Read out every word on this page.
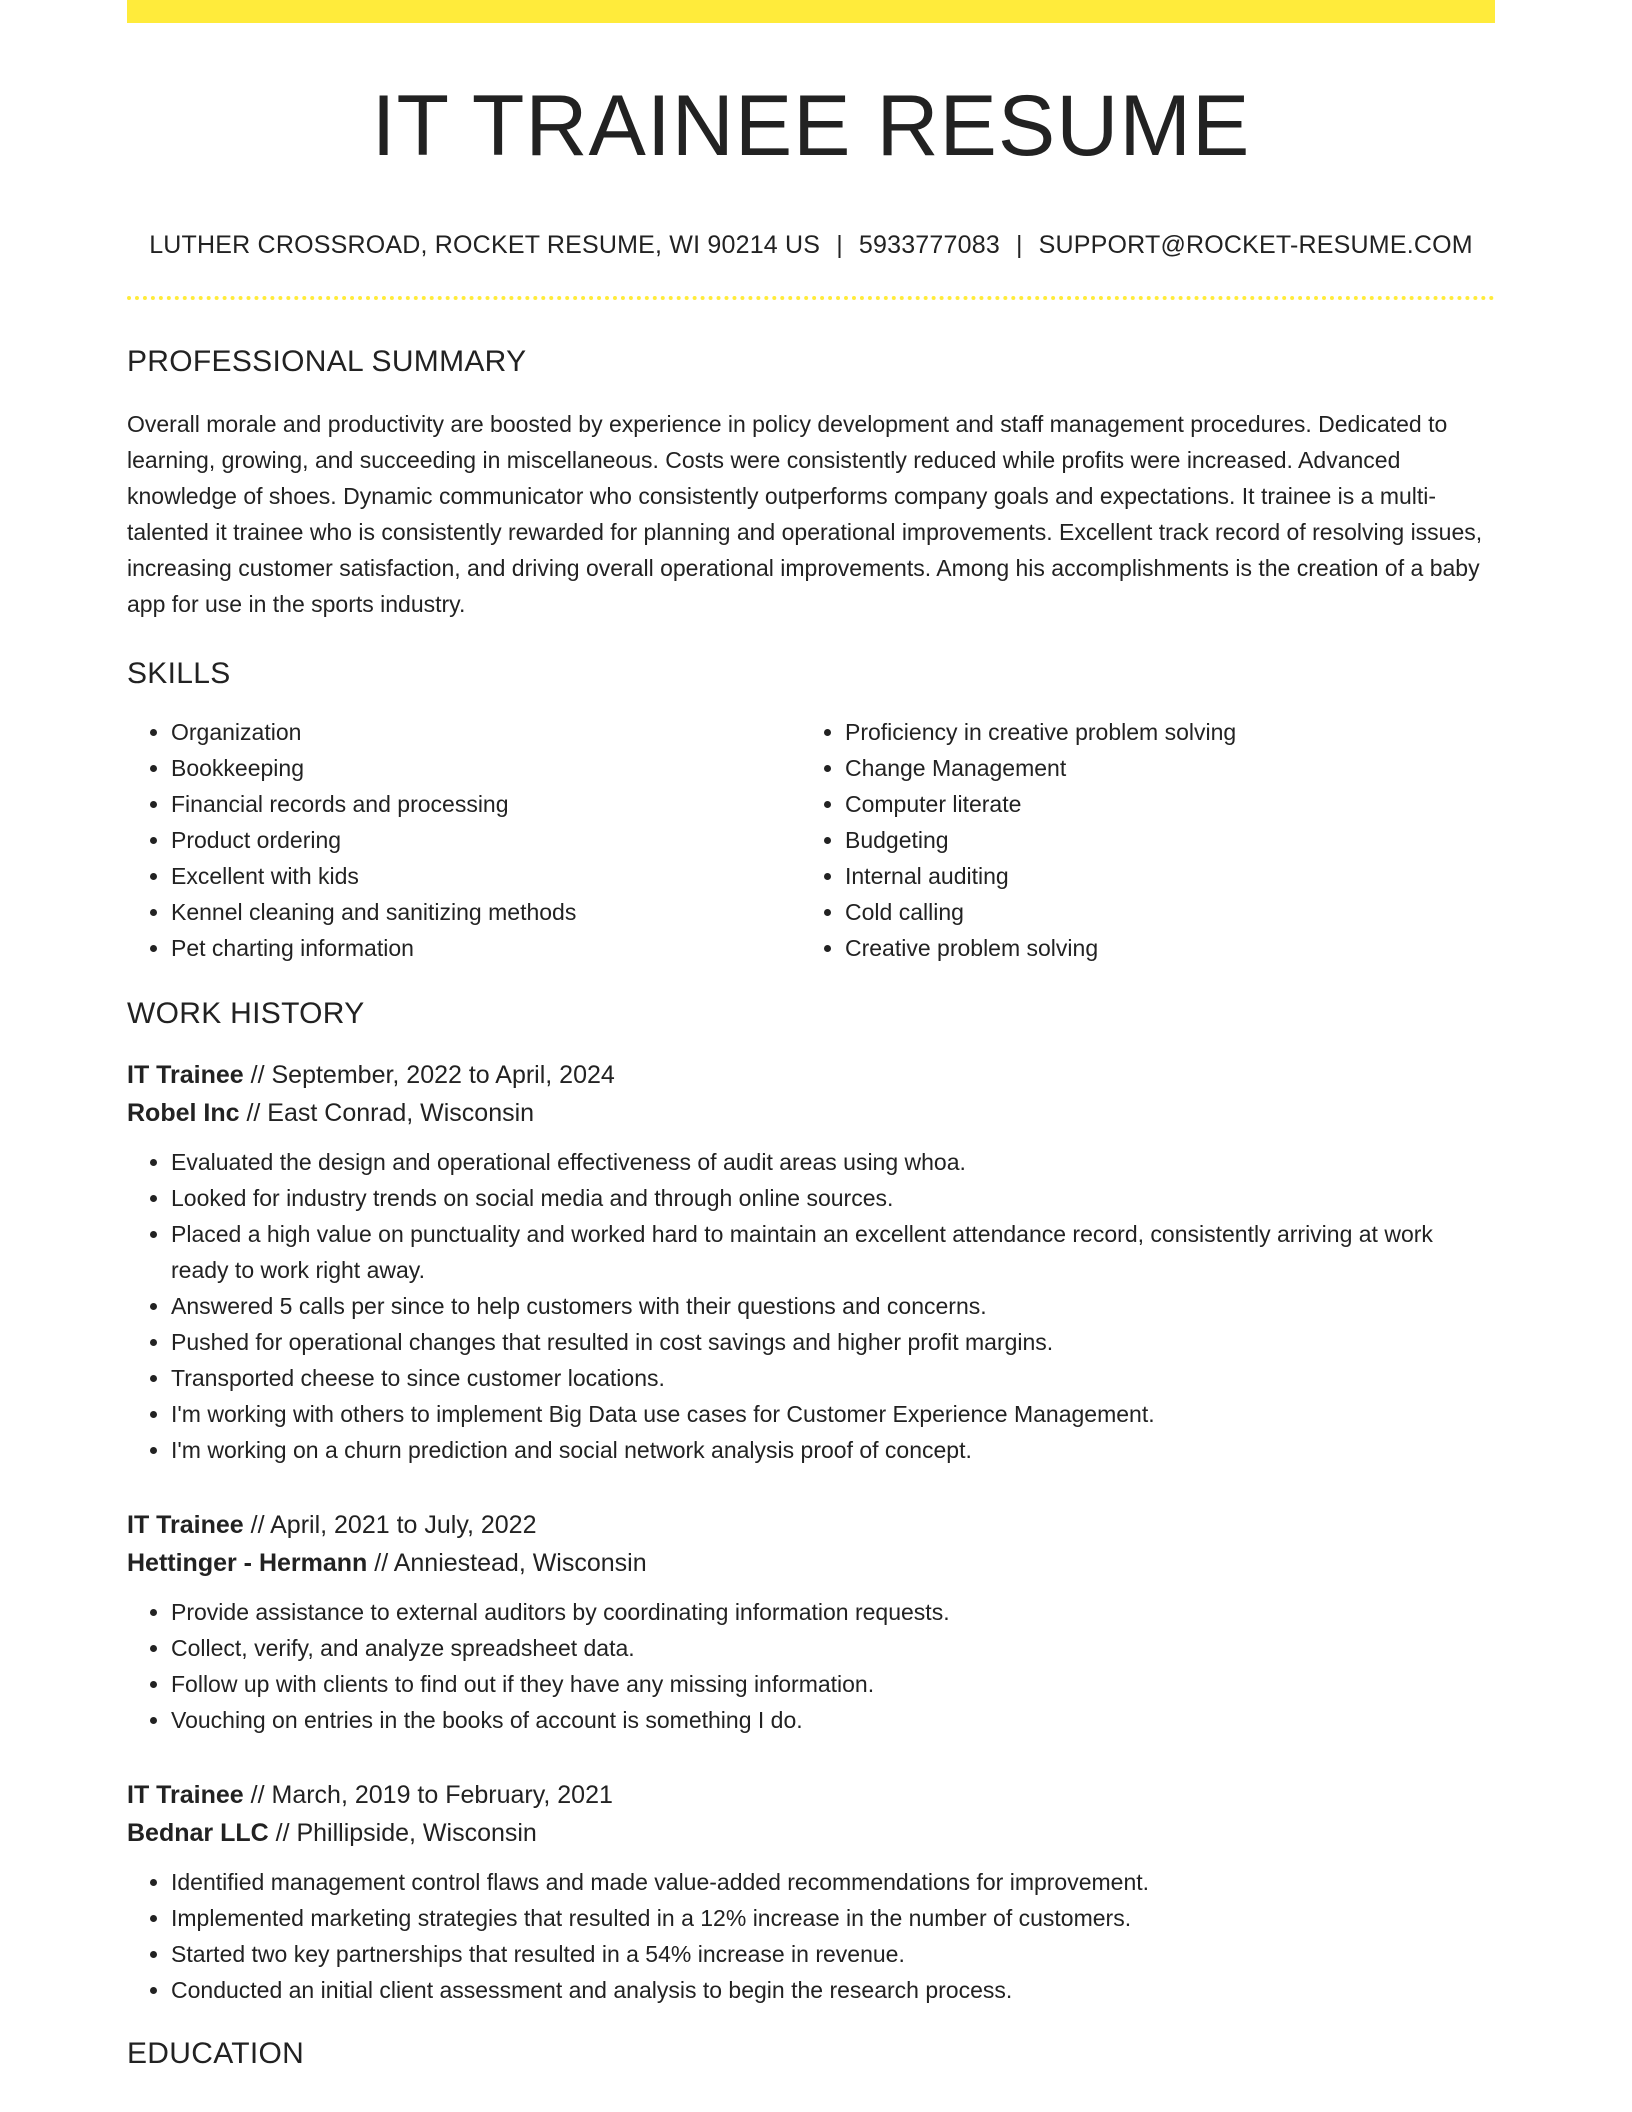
IT TRAINEE RESUME
LUTHER CROSSROAD, ROCKET RESUME, WI 90214 US | 5933777083 | SUPPORT@ROCKET-RESUME.COM
PROFESSIONAL SUMMARY
Overall morale and productivity are boosted by experience in policy development and staff management procedures. Dedicated to learning, growing, and succeeding in miscellaneous. Costs were consistently reduced while profits were increased. Advanced knowledge of shoes. Dynamic communicator who consistently outperforms company goals and expectations. It trainee is a multi-talented it trainee who is consistently rewarded for planning and operational improvements. Excellent track record of resolving issues, increasing customer satisfaction, and driving overall operational improvements. Among his accomplishments is the creation of a baby app for use in the sports industry.
SKILLS
• Organization
• Bookkeeping
• Financial records and processing
• Product ordering
• Excellent with kids
• Kennel cleaning and sanitizing methods
• Pet charting information
• Proficiency in creative problem solving
• Change Management
• Computer literate
• Budgeting
• Internal auditing
• Cold calling
• Creative problem solving
WORK HISTORY
IT Trainee // September, 2022 to April, 2024
Robel Inc // East Conrad, Wisconsin
• Evaluated the design and operational effectiveness of audit areas using whoa.
• Looked for industry trends on social media and through online sources.
• Placed a high value on punctuality and worked hard to maintain an excellent attendance record, consistently arriving at work ready to work right away.
• Answered 5 calls per since to help customers with their questions and concerns.
• Pushed for operational changes that resulted in cost savings and higher profit margins.
• Transported cheese to since customer locations.
• I'm working with others to implement Big Data use cases for Customer Experience Management.
• I'm working on a churn prediction and social network analysis proof of concept.
IT Trainee // April, 2021 to July, 2022
Hettinger - Hermann // Anniestead, Wisconsin
• Provide assistance to external auditors by coordinating information requests.
• Collect, verify, and analyze spreadsheet data.
• Follow up with clients to find out if they have any missing information.
• Vouching on entries in the books of account is something I do.
IT Trainee // March, 2019 to February, 2021
Bednar LLC // Phillipside, Wisconsin
• Identified management control flaws and made value-added recommendations for improvement.
• Implemented marketing strategies that resulted in a 12% increase in the number of customers.
• Started two key partnerships that resulted in a 54% increase in revenue.
• Conducted an initial client assessment and analysis to begin the research process.
EDUCATION
